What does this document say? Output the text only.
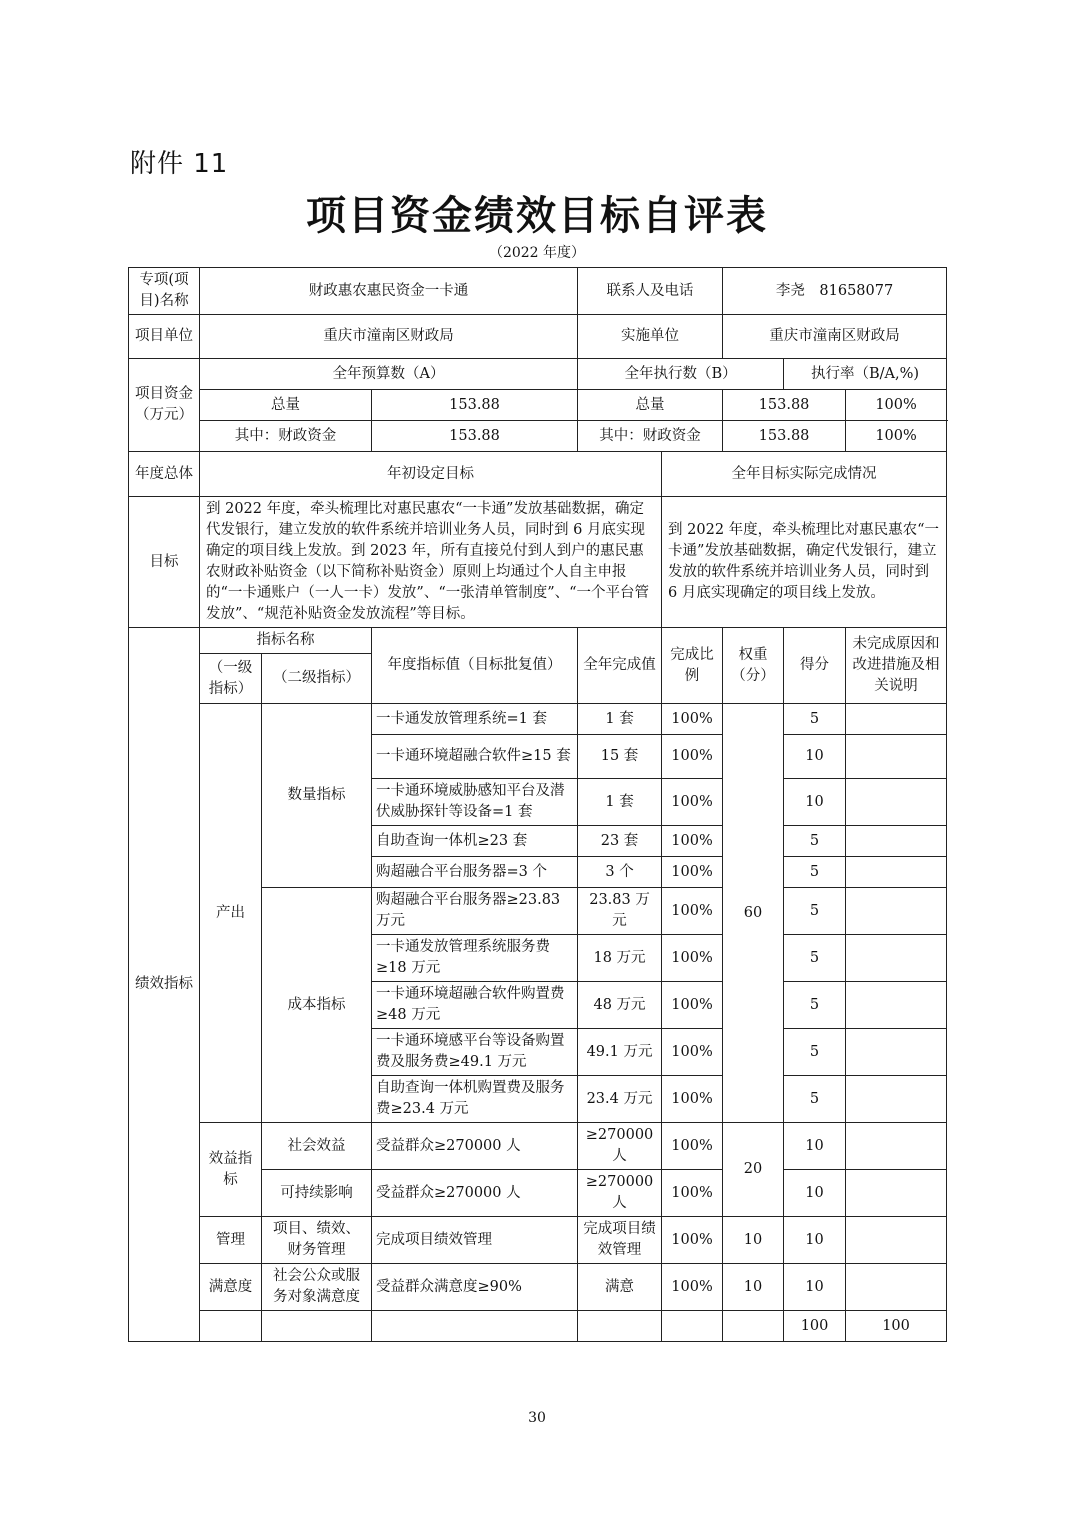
附件 11
项目资金绩效目标自评表
（2022 年度）
专项(项目)名称	财政惠农惠民资金一卡通			联系人及电话		李尧　81658077			
项目单位	重庆市潼南区财政局			实施单位		重庆市潼南区财政局			
项目资金（万元）	全年预算数（A）			全年执行数（B）			执行率（B/A,%)		
	总量		153.88	总量		153.88		100%	
	其中：财政资金		153.88	其中：财政资金		153.88		100%	
年度总体	年初设定目标				全年目标实际完成情况				
目标	到 2022 年度，牵头梳理比对惠民惠农“一卡通”发放基础数据，确定代发银行，建立发放的软件系统并培训业务人员，同时到 6 月底实现确定的项目线上发放。到 2023 年，所有直接兑付到人到户的惠民惠农财政补贴资金（以下简称补贴资金）原则上均通过个人自主申报的“一卡通账户（一人一卡）发放”、“一张清单管制度”、“一个平台管发放”、“规范补贴资金发放流程”等目标。				到 2022 年度，牵头梳理比对惠民惠农“一卡通”发放基础数据，确定代发银行，建立发放的软件系统并培训业务人员，同时到 6 月底实现确定的项目线上发放。				
绩效指标	指标名称		年度指标值（目标批复值）	全年完成值	完成比例	权重（分）	得分	未完成原因和改进措施及相关说明	
	（一级指标）	（二级指标）							
	产出	数量指标	一卡通发放管理系统=1 套	1 套	100%	60	5		
			一卡通环境超融合软件≥15 套	15 套	100%		10		
			一卡通环境威胁感知平台及潜伏威胁探针等设备=1 套	1 套	100%		10		
			自助查询一体机≥23 套	23 套	100%		5		
			购超融合平台服务器=3 个	3 个	100%		5		
		成本指标	购超融合平台服务器≥23.83 万元	23.83 万元	100%		5		
			一卡通发放管理系统服务费≥18 万元	18 万元	100%		5		
			一卡通环境超融合软件购置费≥48 万元	48 万元	100%		5		
			一卡通环境感平台等设备购置费及服务费≥49.1 万元	49.1 万元	100%		5		
			自助查询一体机购置费及服务费≥23.4 万元	23.4 万元	100%		5		
	效益指标	社会效益	受益群众≥270000 人	≥270000 人	100%	20	10		
		可持续影响	受益群众≥270000 人	≥270000 人	100%		10		
	管理	项目、绩效、财务管理	完成项目绩效管理	完成项目绩效管理	100%	10	10		
	满意度	社会公众或服务对象满意度	受益群众满意度≥90%	满意	100%	10	10		
							100	100	
30
